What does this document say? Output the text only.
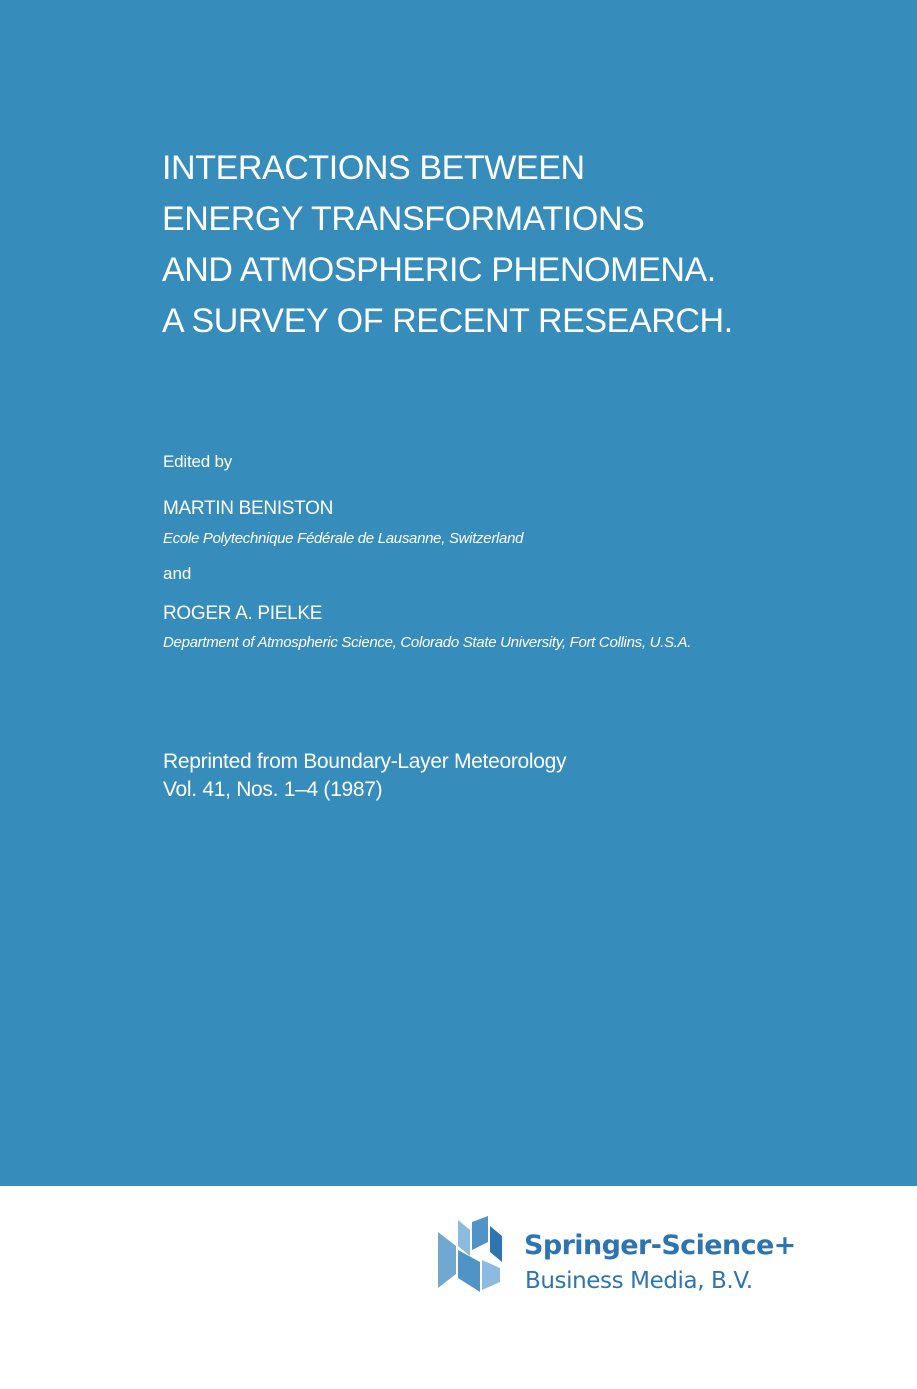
INTERACTIONS BETWEEN
ENERGY TRANSFORMATIONS
AND ATMOSPHERIC PHENOMENA.
A SURVEY OF RECENT RESEARCH.
Edited by
MARTIN BENISTON
Ecole Polytechnique Fédérale de Lausanne, Switzerland
and
ROGER A. PIELKE
Department of Atmospheric Science, Colorado State University, Fort Collins, U.S.A.
Reprinted from Boundary-Layer Meteorology
Vol. 41, Nos. 1–4 (1987)
Springer-Science+
Business Media, B.V.
